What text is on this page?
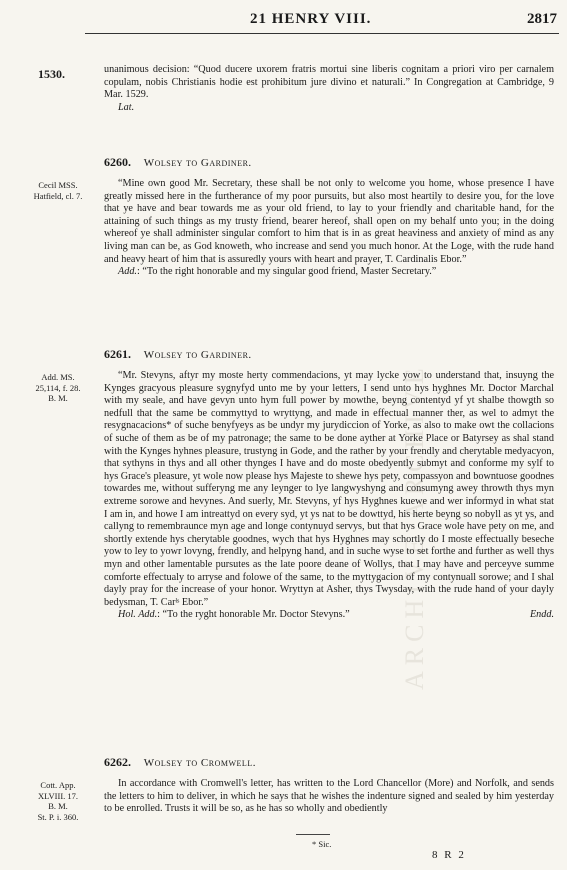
ARCHIVE ARCHIVE
21 HENRY VIII.	2817
1530.	unanimous decision: “Quod ducere uxorem fratris mortui sine liberis cognitam a priori viro per carnalem copulam, nobis Christianis hodie est prohibitum jure divino et naturali.” In Congregation at Cambridge, 9 Mar. 1529.

Lat.

6260. Wolsey to Gardiner.
Cecil MSS.
Hatfield, cl. 7.

“Mine own good Mr. Secretary, these shall be not only to welcome you home, whose presence I have greatly missed here in the furtherance of my poor pursuits, but also most heartily to desire you, for the love that ye have and bear towards me as your old friend, to lay to your friendly and charitable hand, for the attaining of such things as my trusty friend, bearer hereof, shall open on my behalf unto you; in the doing whereof ye shall administer singular comfort to him that is in as great heaviness and anxiety of mind as any living man can be, as God knoweth, who increase and send you much honor. At the Loge, with the rude hand and heavy heart of him that is assuredly yours with heart and prayer, T. Cardinalis Ebor.”

Add.: “To the right honorable and my singular good friend, Master Secretary.”

6261. Wolsey to Gardiner.
Add. MS.
25,114, f. 28.
B. M.

“Mr. Stevyns, aftyr my moste herty commendacions, yt may lycke yow to understand that, insuyng the Kynges gracyous pleasure sygnyfyd unto me by your letters, I send unto hys hyghnes Mr. Doctor Marchal with my seale, and have gevyn unto hym full power by mowthe, beyng contentyd yf yt shalbe thowgth so nedfull that the same be commyttyd to wryttyng, and made in effectual manner ther, as wel to admyt the resygnacacions* of suche benyfyeys as be undyr my jurydiccion of Yorke, as also to make owt the collacions of suche of them as be of my patronage; the same to be done ayther at Yorke Place or Batyrsey as shal stand with the Kynges hyhnes pleasure, trustyng in Gode, and the rather by your frendly and cherytable medyacyon, that sythyns in thys and all other thynges I have and do moste obedyently submyt and conforme my sylf to hys Grace's pleasure, yt wole now please hys Majeste to shewe hys pety, compassyon and bowntuose goodnes towardes me, without sufferyng me any leynger to lye langwyshyng and consumyng awey throwth thys myn extreme sorowe and hevynes. And suerly, Mr. Stevyns, yf hys Hyghnes kuewe and wer informyd in what stat I am in, and howe I am intreattyd on every syd, yt ys nat to be dowttyd, his herte beyng so nobyll as yt ys, and callyng to remembraunce myn age and longe contynuyd servys, but that hys Grace wole have pety on me, and shortly extende hys cherytable goodnes, wych that hys Hyghnes may schortly do I moste effectually beseche yow to ley to yowr lovyng, frendly, and helpyng hand, and in suche wyse to set forthe and further as well thys myn and other lamentable pursutes as the late poore deane of Wollys, that I may have and perceyve summe comforte effectualy to arryse and folowe of the same, to the myttygacion of my contynuall sorowe; and I shal dayly pray for the increase of your honor. Wryttyn at Asher, thys Twysday, with the rude hand of your dayly bedysman, T. Carˡˢ Ebor.”

Hol. Add.: “To the ryght honorable Mr. Doctor Stevyns.”	Endd.

6262. Wolsey to Cromwell.
Cott. App.
XLVIII. 17.
B. M.
St. P. i. 360.

In accordance with Cromwell's letter, has written to the Lord Chancellor (More) and Norfolk, and sends the letters to him to deliver, in which he says that he wishes the indenture signed and sealed by him yesterday to be enrolled. Trusts it will be so, as he has so wholly and obediently

* Sic.
8 R 2
